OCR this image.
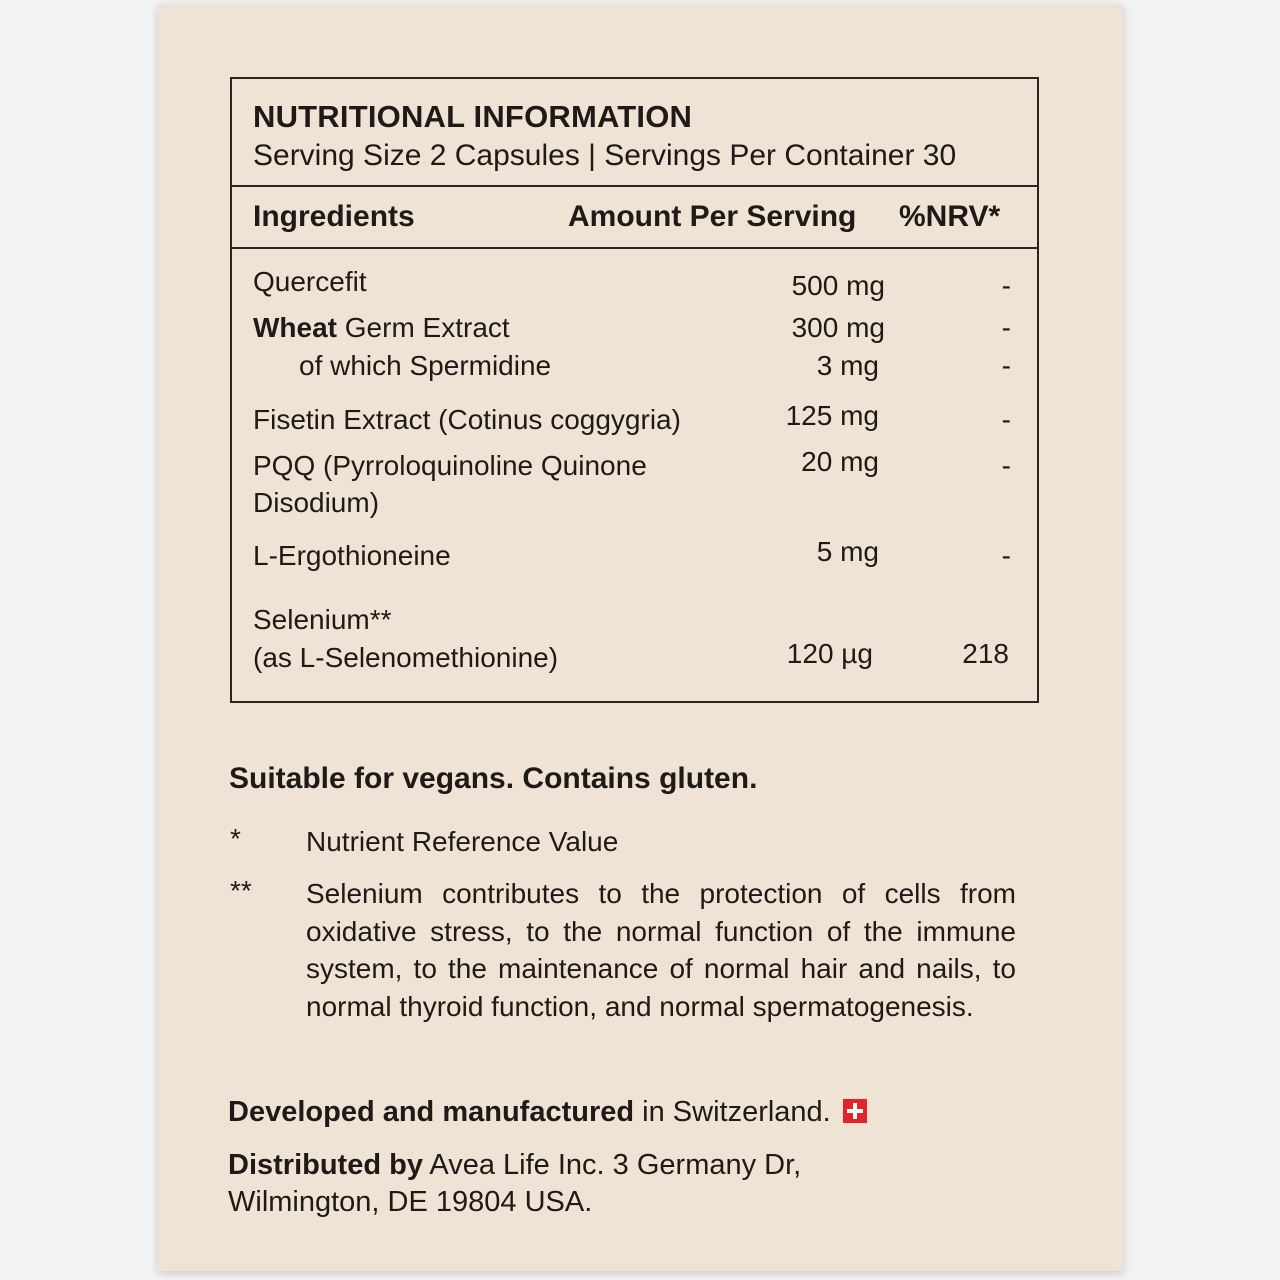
NUTRITIONAL INFORMATION
Serving Size 2 Capsules | Servings Per Container 30
Ingredients	Amount Per Serving %NRV*
Quercefit	500 mg	-
Wheat Germ Extract	300 mg	-
of which Spermidine	3 mg	-
Fisetin Extract (Cotinus coggygria)	125 mg	-
PQQ (Pyrroloquinoline Quinone
Disodium)
20 mg	-
L-Ergothioneine	5 mg	-
Selenium**
(as L-Selenomethionine)	120 µg	218
Suitable for vegans. Contains gluten.
* Nutrient Reference Value
** Selenium contributes to the protection of cells from oxidative stress, to the normal function of the immune system, to the maintenance of normal hair and nails, to normal thyroid function, and normal spermatogenesis.
Developed and manufactured in Switzerland.
Distributed by Avea Life Inc. 3 Germany Dr,
Wilmington, DE 19804 USA.
